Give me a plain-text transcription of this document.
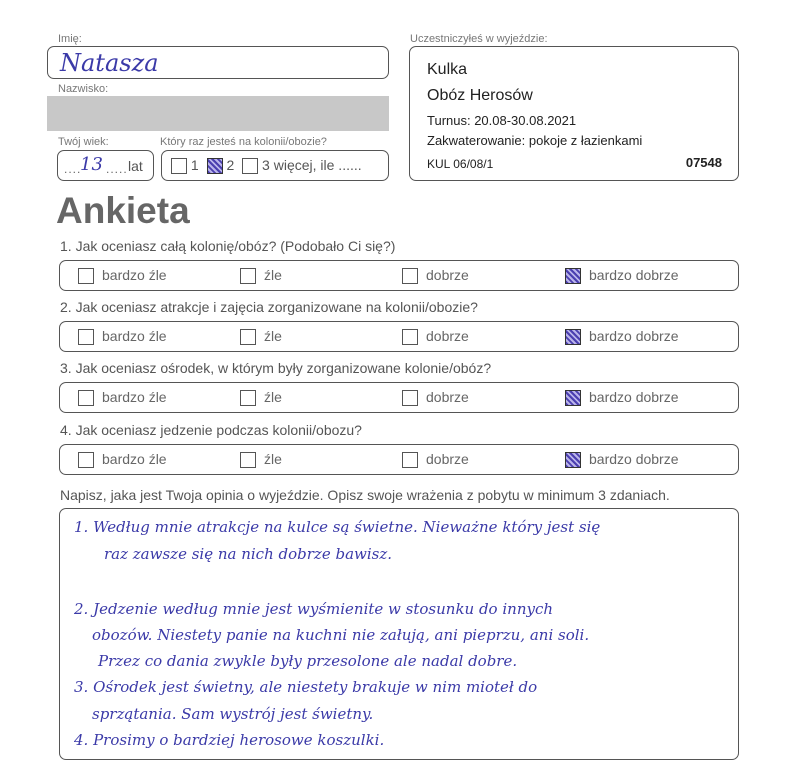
Imię:
Natasza
Nazwisko:
Twój wiek:	Który raz jesteś na kolonii/obozie?
....
13 ..... lat	1 2 3 więcej, ile ......
Uczestniczyłeś w wyjeździe:
Kulka
Obóz Herosów
Turnus: 20.08-30.08.2021
Zakwaterowanie: pokoje z łazienkami
KUL 06/08/1	07548
Ankieta
1. Jak oceniasz całą kolonię/obóz? (Podobało Ci się?)
bardzo źle	źle	dobrze	bardzo dobrze
2. Jak oceniasz atrakcje i zajęcia zorganizowane na kolonii/obozie?
bardzo źle	źle	dobrze	bardzo dobrze
3. Jak oceniasz ośrodek, w którym były zorganizowane kolonie/obóz?
bardzo źle	źle	dobrze	bardzo dobrze
4. Jak oceniasz jedzenie podczas kolonii/obozu?
bardzo źle	źle	dobrze	bardzo dobrze
Napisz, jaka jest Twoja opinia o wyjeździe. Opisz swoje wrażenia z pobytu w minimum 3 zdaniach.
1. Według mnie atrakcje na kulce są świetne. Nieważne który jest się
raz zawsze się na nich dobrze bawisz.
2. Jedzenie według mnie jest wyśmienite w stosunku do innych
obozów. Niestety panie na kuchni nie załują, ani pieprzu, ani soli.
Przez co dania zwykle były przesolone ale nadal dobre.
3. Ośrodek jest świetny, ale niestety brakuje w nim mioteł do
sprzątania. Sam wystrój jest świetny.
4. Prosimy o bardziej herosowe koszulki.
